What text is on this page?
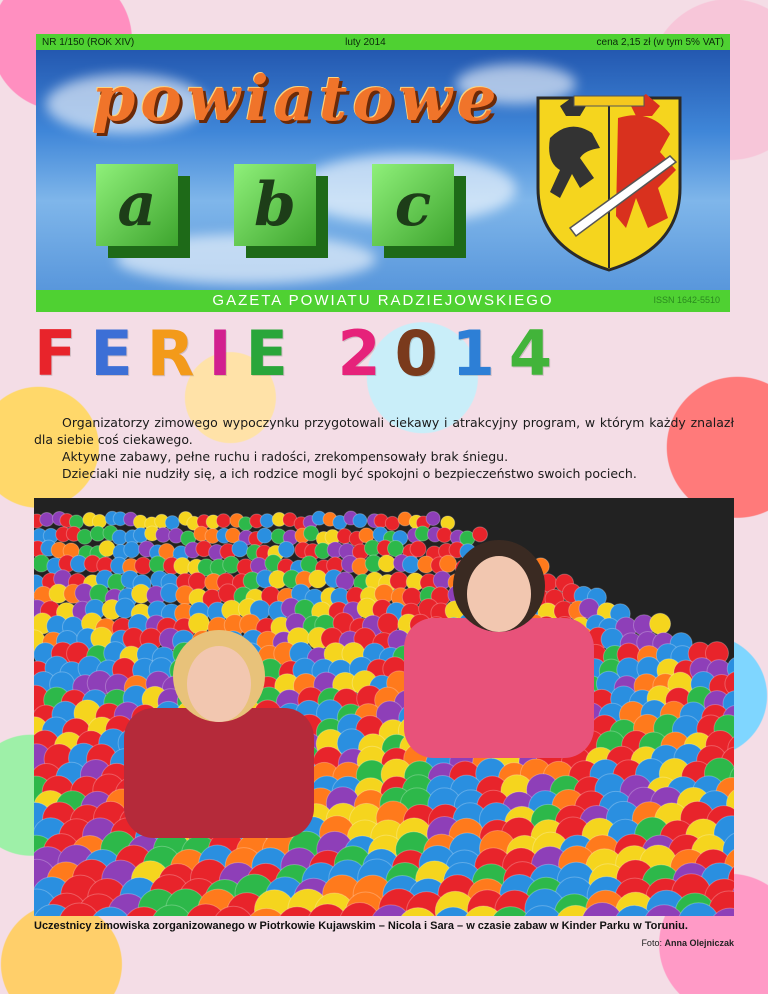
NR 1/150 (ROK XIV)	luty 2014	cena 2,15 zł (w tym 5% VAT)
powiatowe
a b c
GAZETA POWIATU RADZIEJOWSKIEGO	ISSN 1642-5510
FERIE 2014

Organizatorzy zimowego wypoczynku przygotowali ciekawy i atrakcyjny program, w którym każdy znalazł dla siebie coś ciekawego.

Aktywne zabawy, pełne ruchu i radości, zrekompensowały brak śniegu.

Dzieciaki nie nudziły się, a ich rodzice mogli być spokojni o bezpieczeństwo swoich pociech.

Uczestnicy zimowiska zorganizowanego w Piotrkowie Kujawskim – Nicola i Sara – w czasie zabaw w Kinder Parku w Toruniu.
Foto: Anna Olejniczak
